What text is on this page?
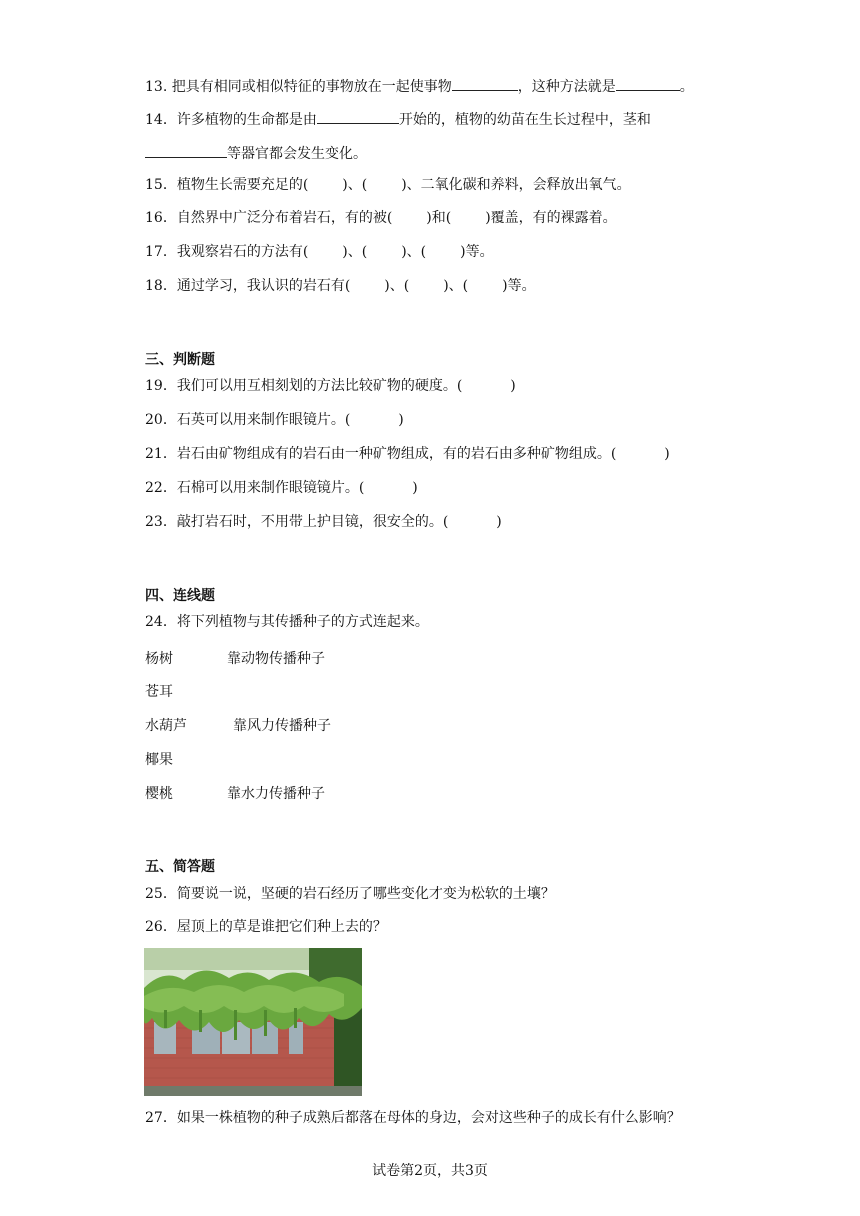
13. 把具有相同或相似特征的事物放在一起使事物	，这种方法就是	。
14．许多植物的生命都是由	开始的，植物的幼苗在生长过程中，茎和
等器官都会发生变化。
15．植物生长需要充足的( )、( )、二氧化碳和养料，会释放出氧气。
16．自然界中广泛分布着岩石，有的被( )和( )覆盖，有的裸露着。
17．我观察岩石的方法有( )、( )、( )等。
18．通过学习，我认识的岩石有( )、( )、( )等。
三、判断题
19．我们可以用互相刻划的方法比较矿物的硬度。(	)
20．石英可以用来制作眼镜片。(	)
21．岩石由矿物组成有的岩石由一种矿物组成，有的岩石由多种矿物组成。(	)
22．石棉可以用来制作眼镜镜片。(	)
23．敲打岩石时，不用带上护目镜，很安全的。(	)
四、连线题
24．将下列植物与其传播种子的方式连起来。
杨树	靠动物传播种子
苍耳
水葫芦	靠风力传播种子
椰果
樱桃	靠水力传播种子
五、简答题
25．简要说一说，坚硬的岩石经历了哪些变化才变为松软的土壤？
26．屋顶上的草是谁把它们种上去的？
27．如果一株植物的种子成熟后都落在母体的身边，会对这些种子的成长有什么影响？
试卷第2页，共3页
